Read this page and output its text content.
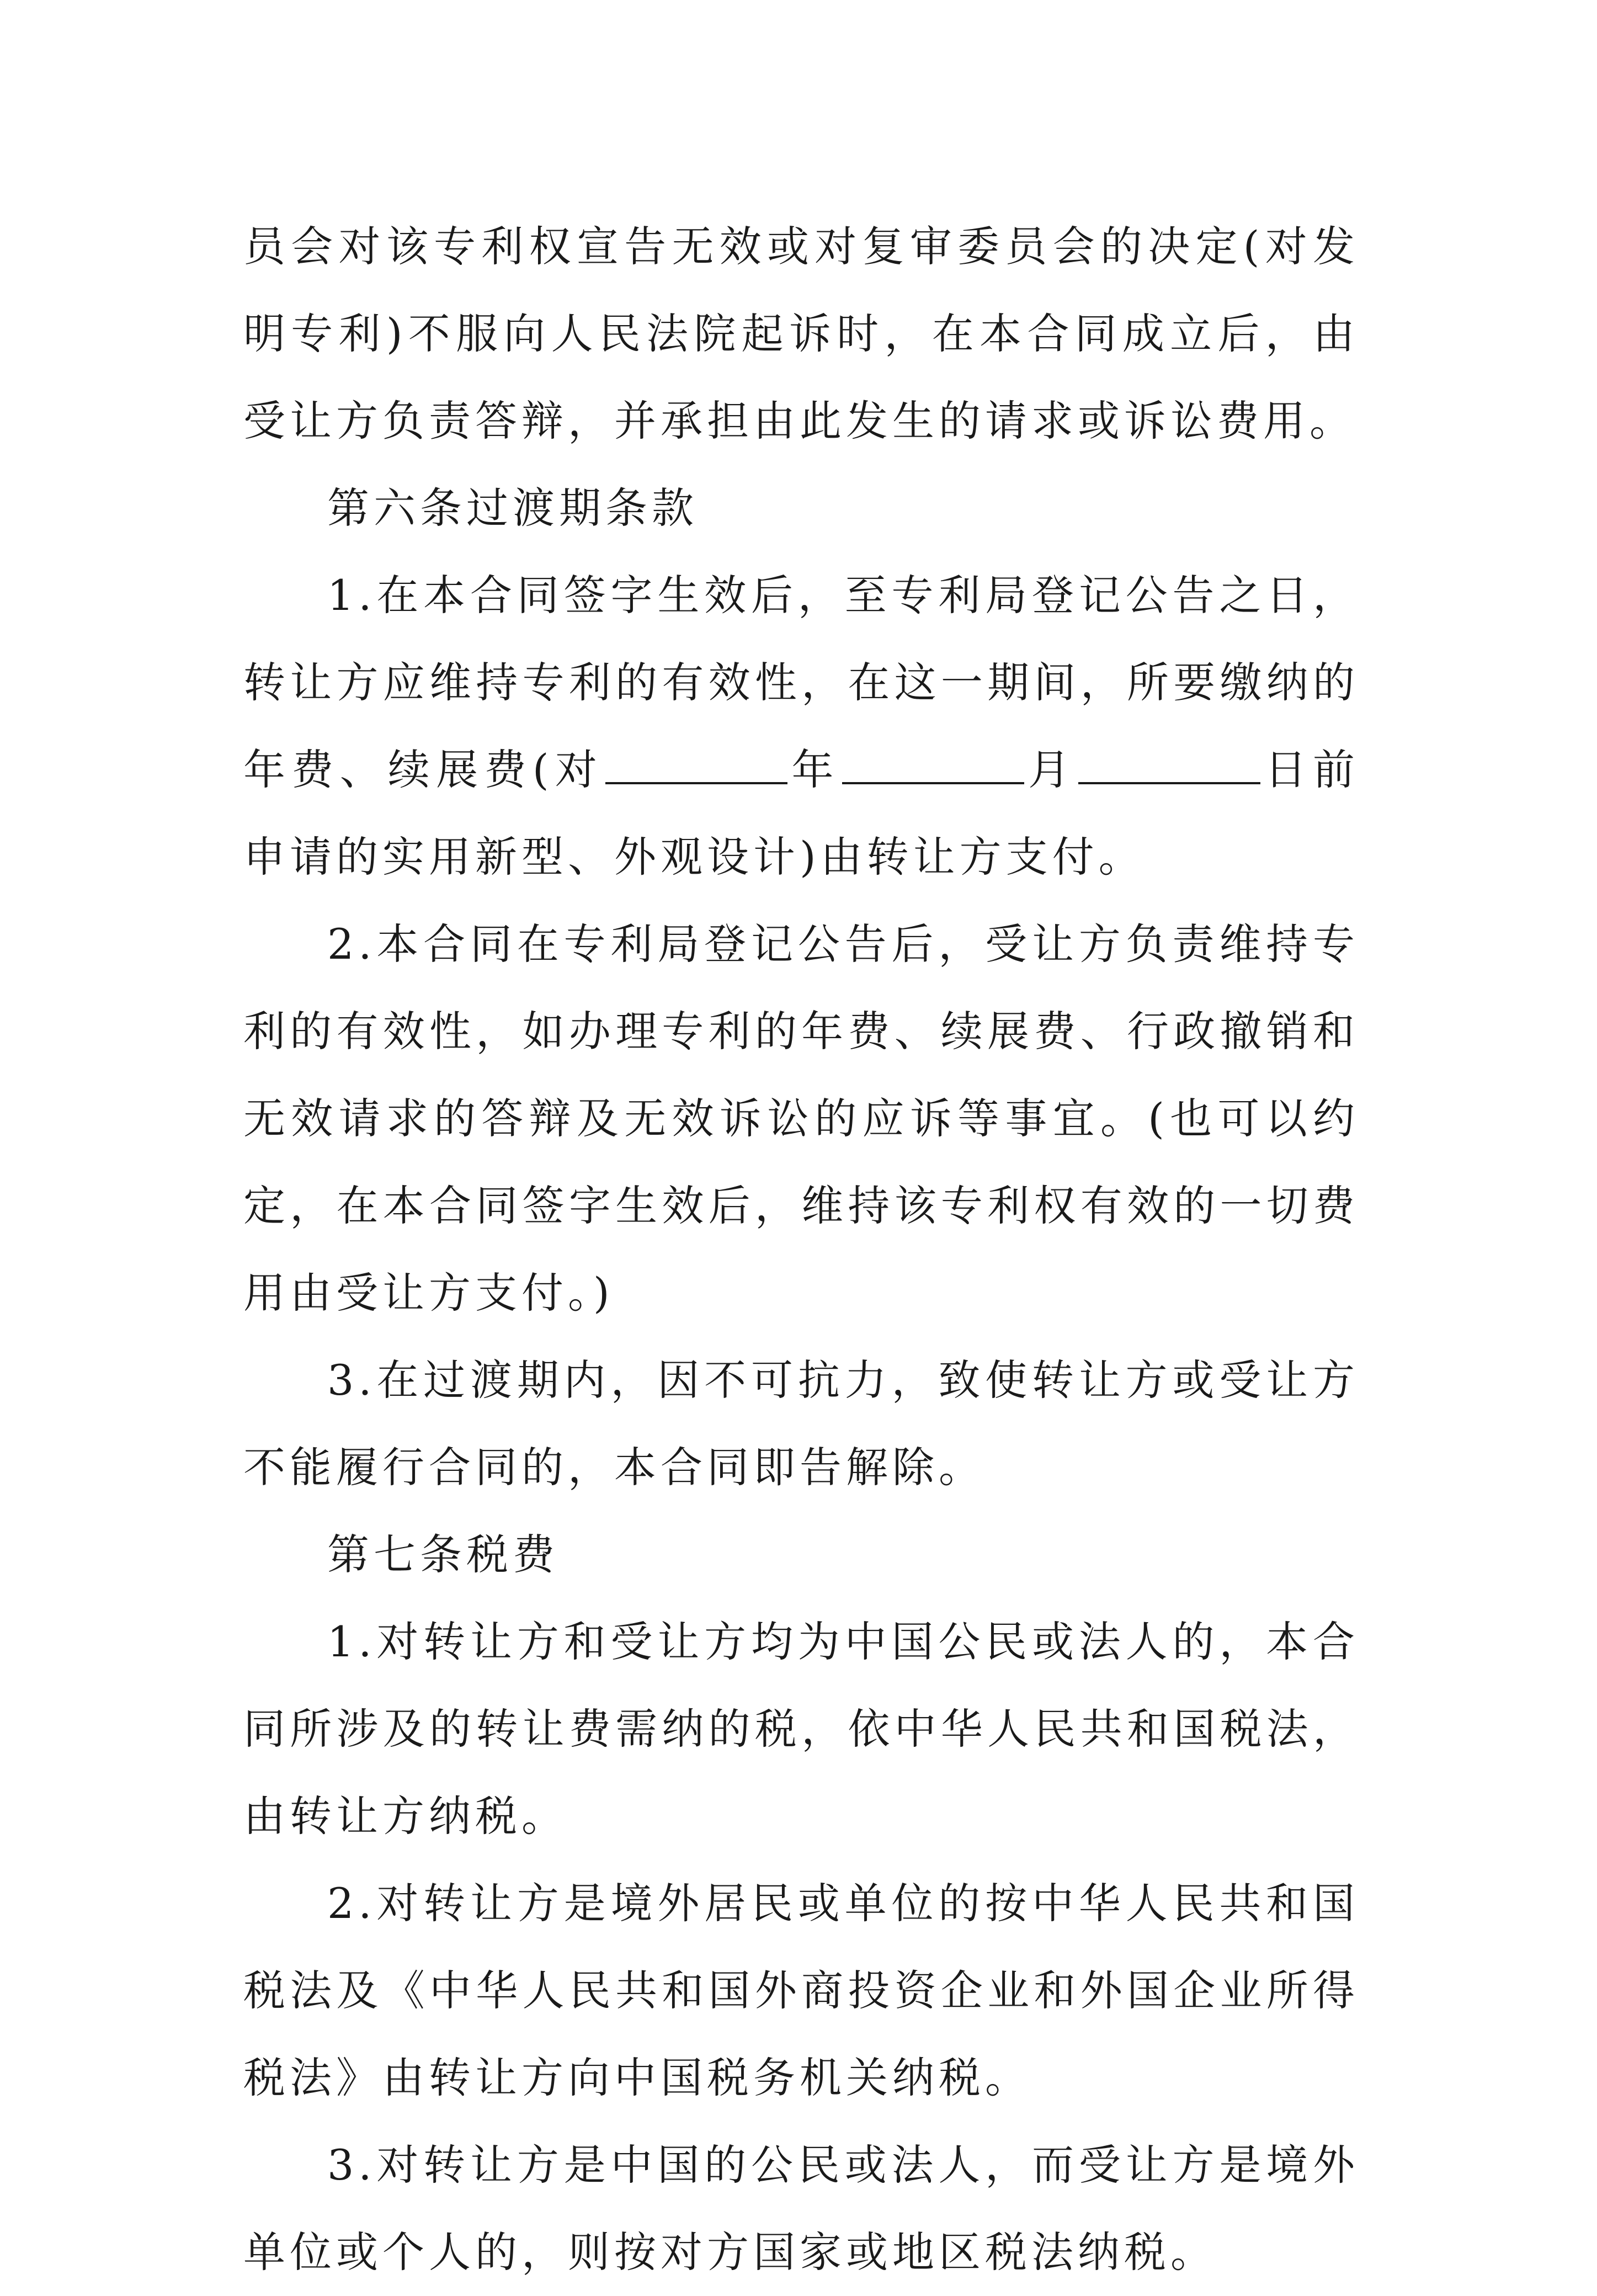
员会对该专利权宣告无效或对复审委员会的决定(对发明专利)不服向人民法院起诉时，在本合同成立后，由受让方负责答辩，并承担由此发生的请求或诉讼费用。

第六条过渡期条款

1.在本合同签字生效后，至专利局登记公告之日，转让方应维持专利的有效性，在这一期间，所要缴纳的年费、续展费(对	年	月	日前申请的实用新型、外观设计)由转让方支付。

2.本合同在专利局登记公告后，受让方负责维持专利的有效性，如办理专利的年费、续展费、行政撤销和无效请求的答辩及无效诉讼的应诉等事宜。(也可以约定，在本合同签字生效后，维持该专利权有效的一切费用由受让方支付。)

3.在过渡期内，因不可抗力，致使转让方或受让方不能履行合同的，本合同即告解除。

第七条税费

1.对转让方和受让方均为中国公民或法人的，本合同所涉及的转让费需纳的税，依中华人民共和国税法，由转让方纳税。

2.对转让方是境外居民或单位的按中华人民共和国税法及《中华人民共和国外商投资企业和外国企业所得税法》由转让方向中国税务机关纳税。

3.对转让方是中国的公民或法人，而受让方是境外单位或个人的，则按对方国家或地区税法纳税。
